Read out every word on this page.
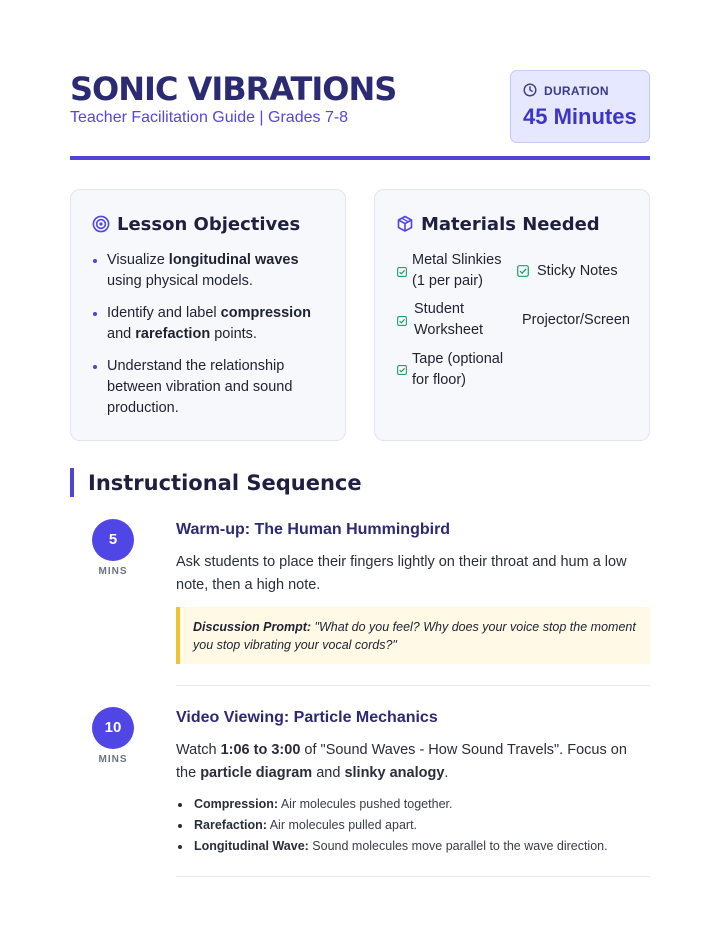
SONIC VIBRATIONS
Teacher Facilitation Guide | Grades 7-8
DURATION
45 Minutes
Lesson Objectives
Visualize longitudinal waves using physical models.
Identify and label compression and rarefaction points.
Understand the relationship between vibration and sound production.
Materials Needed
Metal Slinkies (1 per pair)
Sticky Notes
Student Worksheet
Projector/Screen
Tape (optional for floor)
Instructional Sequence
5
MINS
Warm-up: The Human Hummingbird
Ask students to place their fingers lightly on their throat and hum a low note, then a high note.
Discussion Prompt: "What do you feel? Why does your voice stop the moment you stop vibrating your vocal cords?"
10
MINS
Video Viewing: Particle Mechanics
Watch 1:06 to 3:00 of "Sound Waves - How Sound Travels". Focus on the particle diagram and slinky analogy.
Compression: Air molecules pushed together.
Rarefaction: Air molecules pulled apart.
Longitudinal Wave: Sound molecules move parallel to the wave direction.
